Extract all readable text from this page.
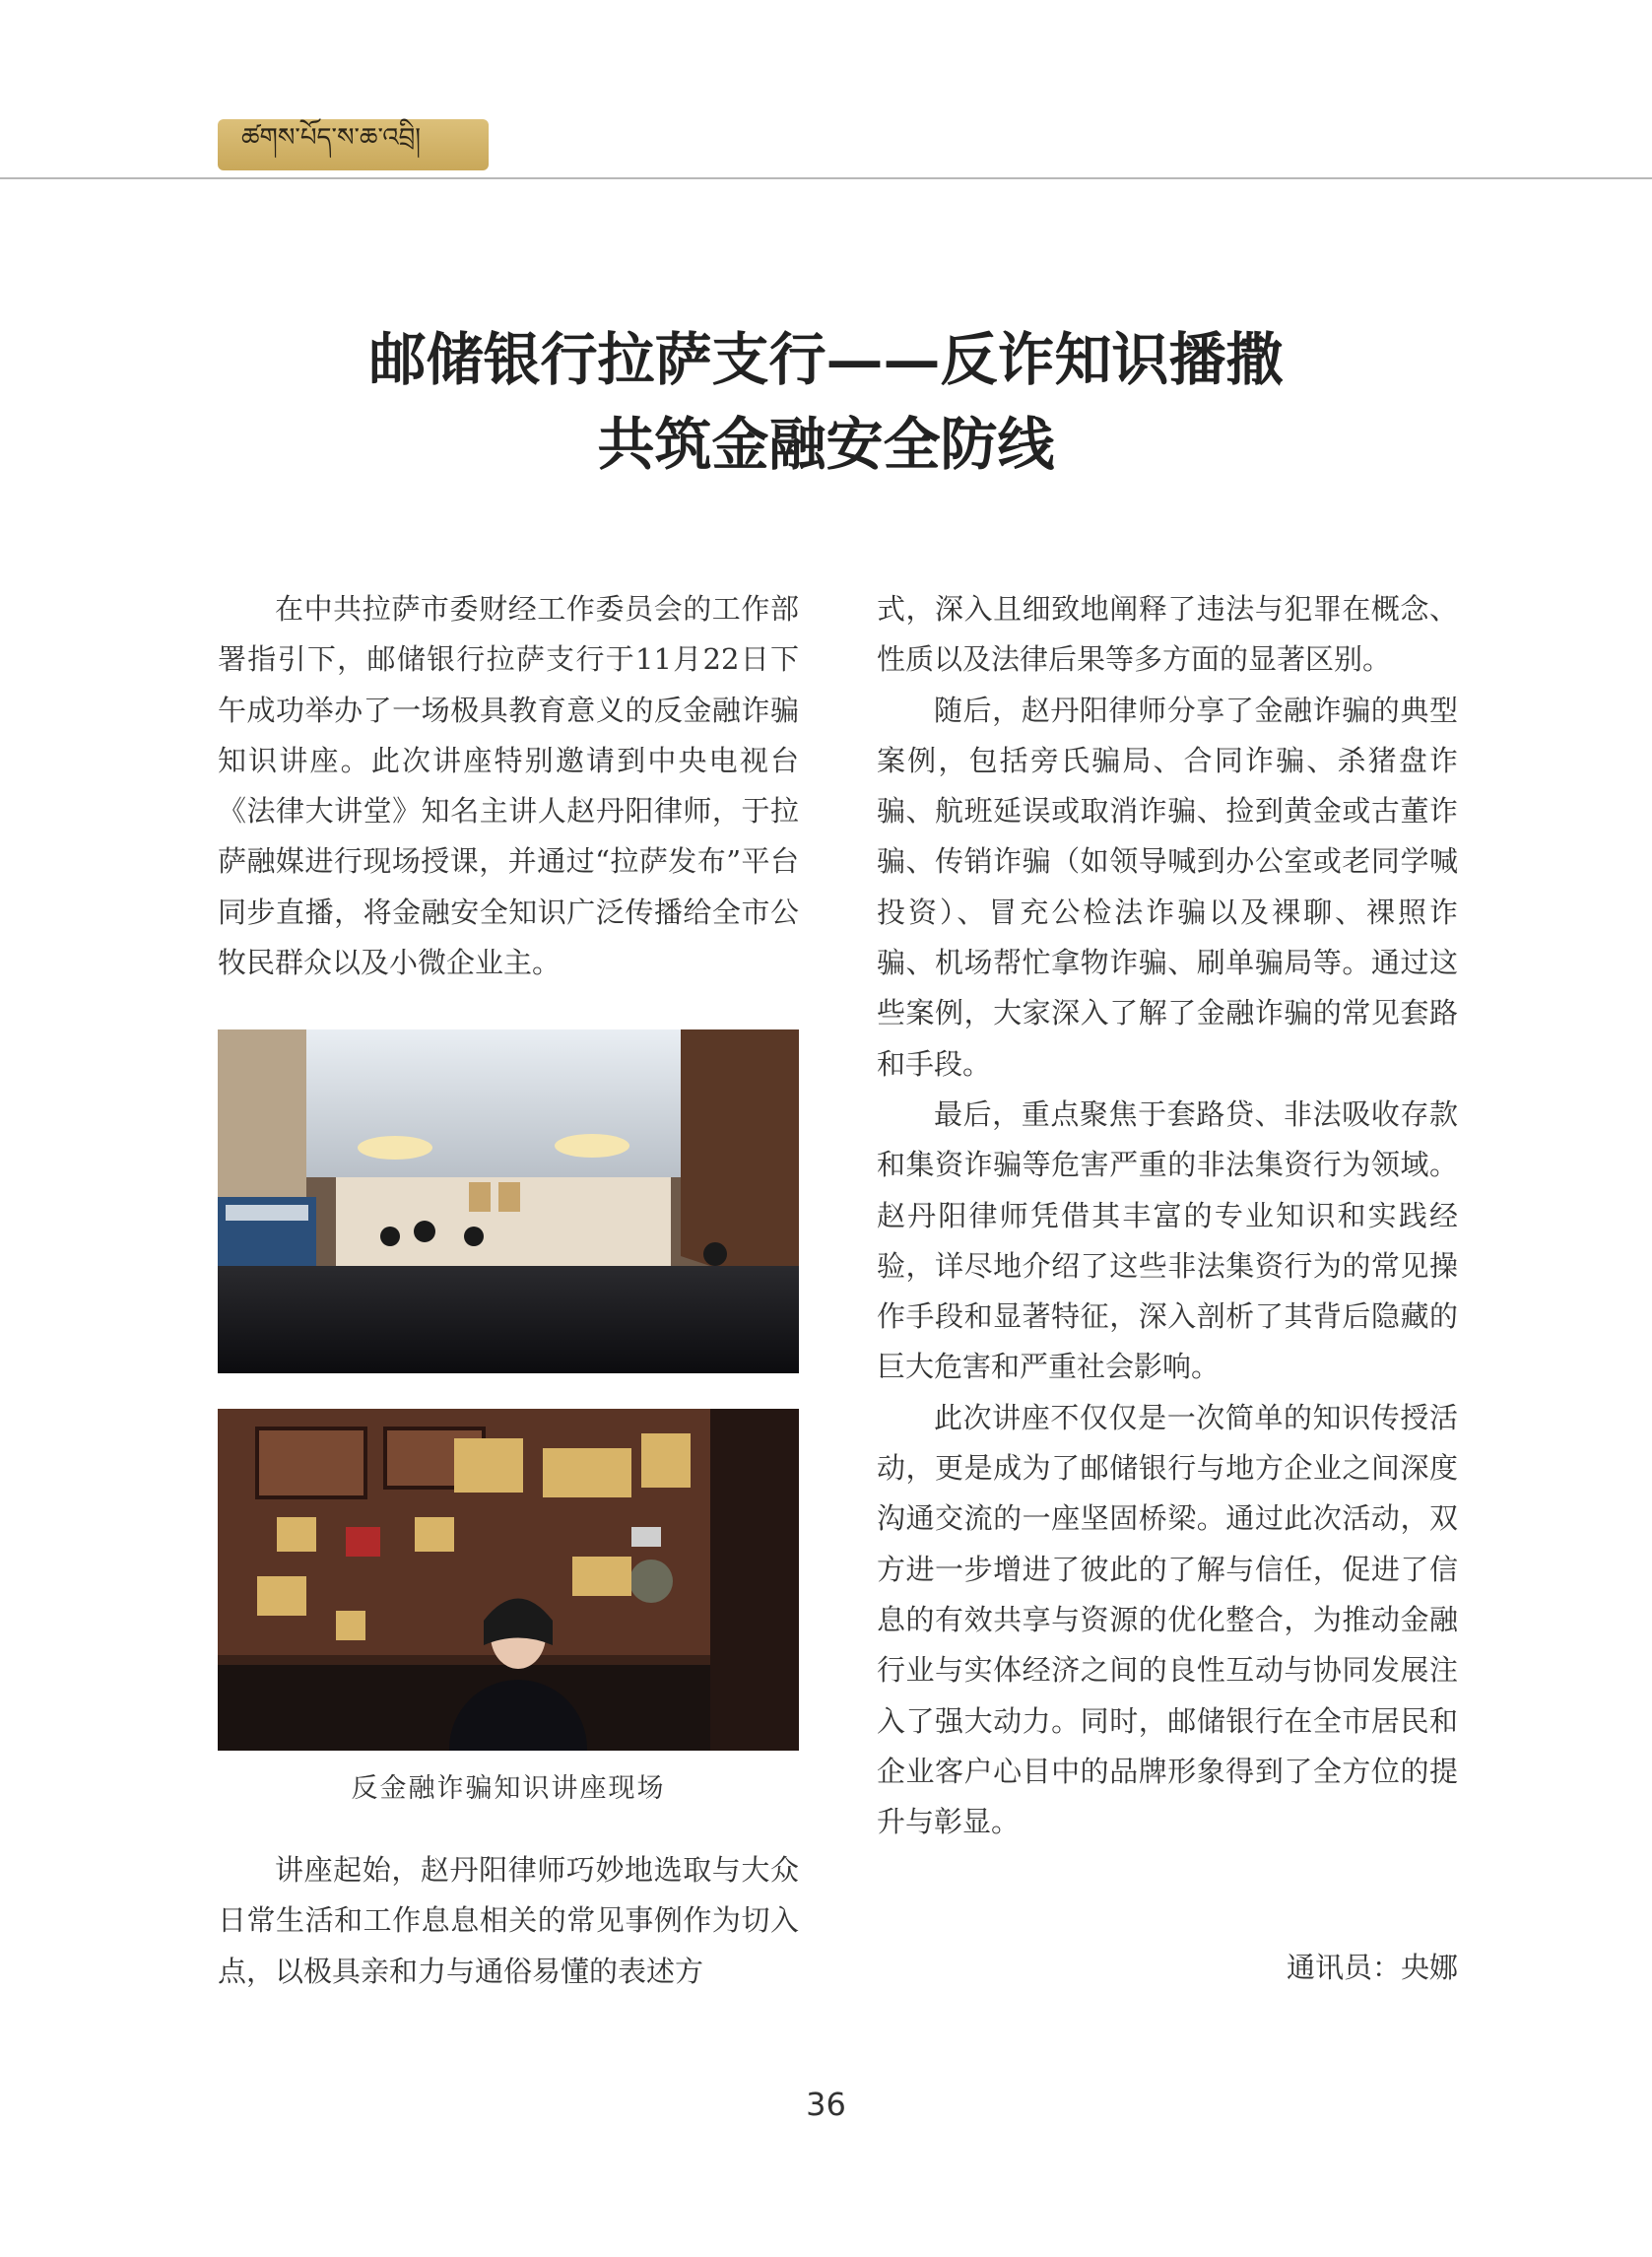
ཚགས་པོད་ས་ཆ་འབྲི།
邮储银行拉萨支行——反诈知识播撒
共筑金融安全防线

在中共拉萨市委财经工作委员会的工作部署指引下，邮储银行拉萨支行于11月22日下午成功举办了一场极具教育意义的反金融诈骗知识讲座。此次讲座特别邀请到中央电视台《法律大讲堂》知名主讲人赵丹阳律师，于拉萨融媒进行现场授课，并通过“拉萨发布”平台同步直播，将金融安全知识广泛传播给全市公牧民群众以及小微企业主。

反金融诈骗知识讲座现场

讲座起始，赵丹阳律师巧妙地选取与大众日常生活和工作息息相关的常见事例作为切入点，以极具亲和力与通俗易懂的表述方

式，深入且细致地阐释了违法与犯罪在概念、性质以及法律后果等多方面的显著区别。

随后，赵丹阳律师分享了金融诈骗的典型案例，包括旁氏骗局、合同诈骗、杀猪盘诈骗、航班延误或取消诈骗、捡到黄金或古董诈骗、传销诈骗（如领导喊到办公室或老同学喊投资）、冒充公检法诈骗以及裸聊、裸照诈骗、机场帮忙拿物诈骗、刷单骗局等。通过这些案例，大家深入了解了金融诈骗的常见套路和手段。

最后，重点聚焦于套路贷、非法吸收存款和集资诈骗等危害严重的非法集资行为领域。赵丹阳律师凭借其丰富的专业知识和实践经验，详尽地介绍了这些非法集资行为的常见操作手段和显著特征，深入剖析了其背后隐藏的巨大危害和严重社会影响。

此次讲座不仅仅是一次简单的知识传授活动，更是成为了邮储银行与地方企业之间深度沟通交流的一座坚固桥梁。通过此次活动，双方进一步增进了彼此的了解与信任，促进了信息的有效共享与资源的优化整合，为推动金融行业与实体经济之间的良性互动与协同发展注入了强大动力。同时，邮储银行在全市居民和企业客户心目中的品牌形象得到了全方位的提升与彰显。

通讯员：央娜
36
